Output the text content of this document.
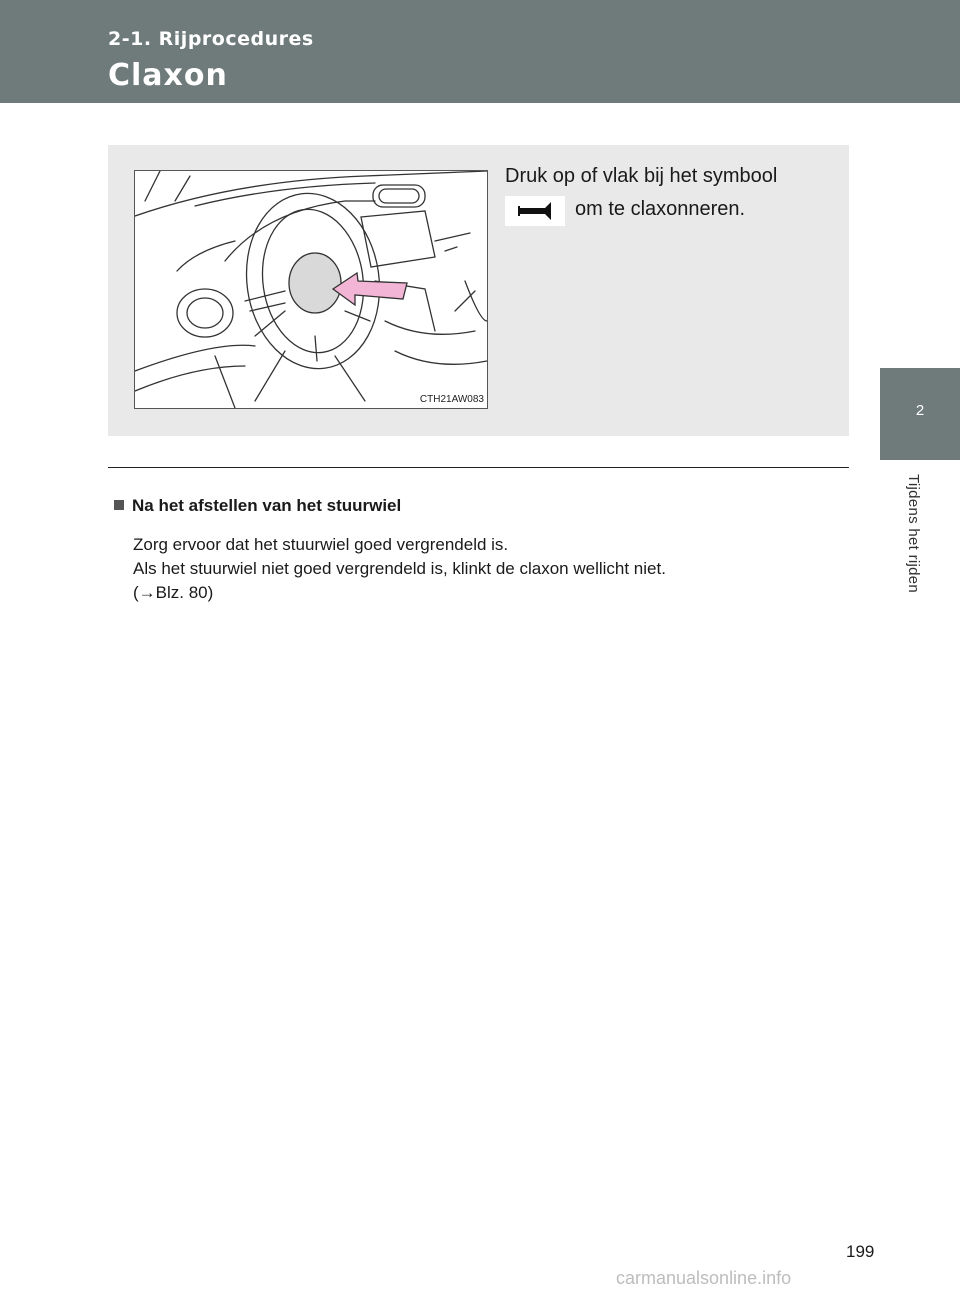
2-1. Rijprocedures
Claxon
2
Tijdens het rijden
CTH21AW083
Druk op of vlak bij het symbool
om te claxonneren.
Na het afstellen van het stuurwiel
Zorg ervoor dat het stuurwiel goed vergrendeld is.
Als het stuurwiel niet goed vergrendeld is, klinkt de claxon wellicht niet.
(→Blz. 80)
199
carmanualsonline.info
